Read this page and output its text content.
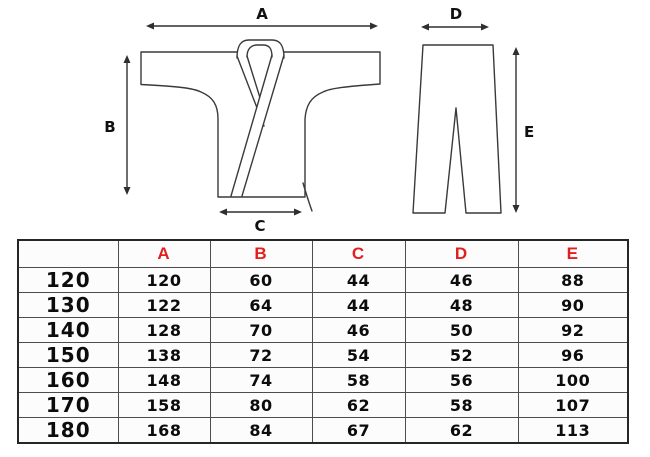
A
B
C
D
E
	A	B	C	D	E
120	120	60	44	46	88
130	122	64	44	48	90
140	128	70	46	50	92
150	138	72	54	52	96
160	148	74	58	56	100
170	158	80	62	58	107
180	168	84	67	62	113
